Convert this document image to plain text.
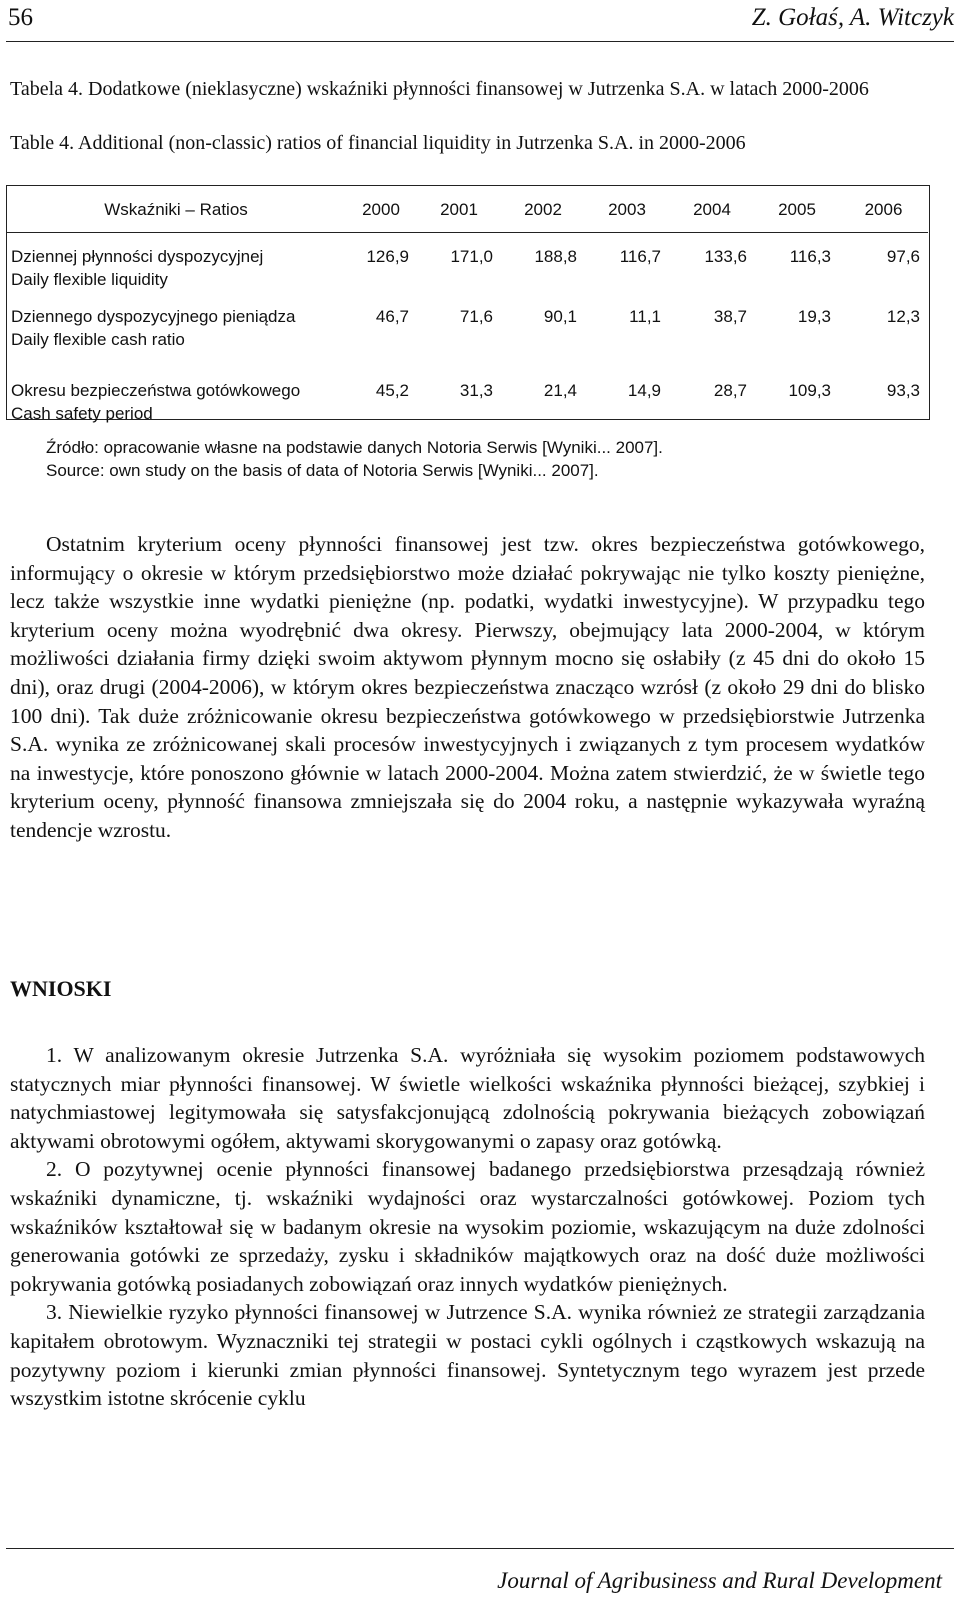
56	Z. Gołaś, A. Witczyk
Tabela 4. Dodatkowe (nieklasyczne) wskaźniki płynności finansowej w Jutrzenka S.A. w latach 2000-2006
Table 4. Additional (non-classic) ratios of financial liquidity in Jutrzenka S.A. in 2000-2006
Wskaźniki – Ratios	2000	2001	2002	2003	2004	2005	2006

Dziennej płynności dyspozycyjnej
Daily flexible liquidity	126,9	171,0	188,8	116,7	133,6	116,3	97,6

Dziennego dyspozycyjnego pieniądza
Daily flexible cash ratio	46,7	71,6	90,1	11,1	38,7	19,3	12,3

Okresu bezpieczeństwa gotówkowego
Cash safety period	45,2	31,3	21,4	14,9	28,7	109,3	93,3
Źródło: opracowanie własne na podstawie danych Notoria Serwis [Wyniki... 2007].
Source: own study on the basis of data of Notoria Serwis [Wyniki... 2007].

Ostatnim kryterium oceny płynności finansowej jest tzw. okres bezpieczeństwa gotówkowego, informujący o okresie w którym przedsiębiorstwo może działać pokrywając nie tylko koszty pieniężne, lecz także wszystkie inne wydatki pieniężne (np. podatki, wydatki inwestycyjne). W przypadku tego kryterium oceny można wyodrębnić dwa okresy. Pierwszy, obejmujący lata 2000-2004, w którym możliwości działania firmy dzięki swoim aktywom płynnym mocno się osłabiły (z 45 dni do około 15 dni), oraz drugi (2004-2006), w którym okres bezpieczeństwa znacząco wzrósł (z około 29 dni do blisko 100 dni). Tak duże zróżnicowanie okresu bezpieczeństwa gotówkowego w przedsiębiorstwie Jutrzenka S.A. wynika ze zróżnicowanej skali procesów inwestycyjnych i związanych z tym procesem wydatków na inwestycje, które ponoszono głównie w latach 2000-2004. Można zatem stwierdzić, że w świetle tego kryterium oceny, płynność finansowa zmniejszała się do 2004 roku, a następnie wykazywała wyraźną tendencje wzrostu.

WNIOSKI

1. W analizowanym okresie Jutrzenka S.A. wyróżniała się wysokim poziomem podstawowych statycznych miar płynności finansowej. W świetle wielkości wskaźnika płynności bieżącej, szybkiej i natychmiastowej legitymowała się satysfakcjonującą zdolnością pokrywania bieżących zobowiązań aktywami obrotowymi ogółem, aktywami skorygowanymi o zapasy oraz gotówką.

2. O pozytywnej ocenie płynności finansowej badanego przedsiębiorstwa przesądzają również wskaźniki dynamiczne, tj. wskaźniki wydajności oraz wystarczalności gotówkowej. Poziom tych wskaźników kształtował się w badanym okresie na wysokim poziomie, wskazującym na duże zdolności generowania gotówki ze sprzedaży, zysku i składników majątkowych oraz na dość duże możliwości pokrywania gotówką posiadanych zobowiązań oraz innych wydatków pieniężnych.

3. Niewielkie ryzyko płynności finansowej w Jutrzence S.A. wynika również ze strategii zarządzania kapitałem obrotowym. Wyznaczniki tej strategii w postaci cykli ogólnych i cząstkowych wskazują na pozytywny poziom i kierunki zmian płynności finansowej. Syntetycznym tego wyrazem jest przede wszystkim istotne skrócenie cyklu

Journal of Agribusiness and Rural Development
